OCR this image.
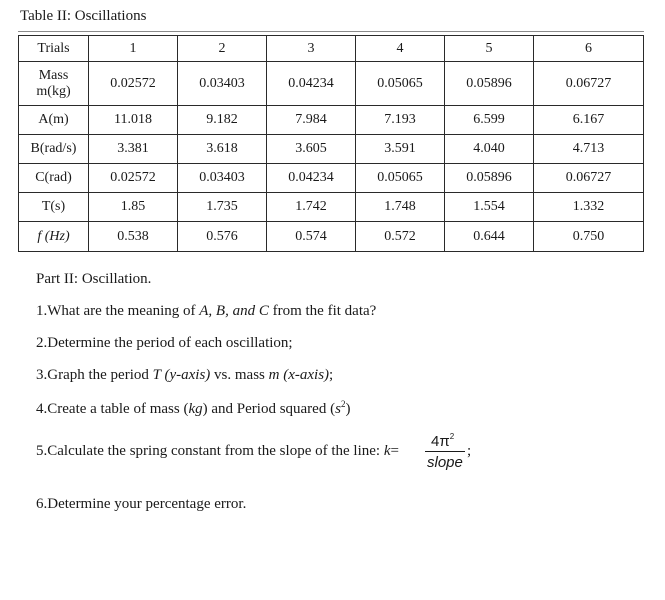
Table II: Oscillations
Trials	1	2	3	4	5	6
Mass
m(kg)	0.02572	0.03403	0.04234	0.05065	0.05896	0.06727
A(m)	11.018	9.182	7.984	7.193	6.599	6.167
B(rad/s)	3.381	3.618	3.605	3.591	4.040	4.713
C(rad)	0.02572	0.03403	0.04234	0.05065	0.05896	0.06727
T(s)	1.85	1.735	1.742	1.748	1.554	1.332
f (Hz)	0.538	0.576	0.574	0.572	0.644	0.750
Part II: Oscillation.
1.What are the meaning of A, B, and C from the fit data?
2.Determine the period of each oscillation;
3.Graph the period T (y-axis) vs. mass m (x-axis);
4.Create a table of mass (kg) and Period squared $(s^2)$
5.Calculate the spring constant from the slope of the line: k=
$4\pi^2$
slope
;
6.Determine your percentage error.
